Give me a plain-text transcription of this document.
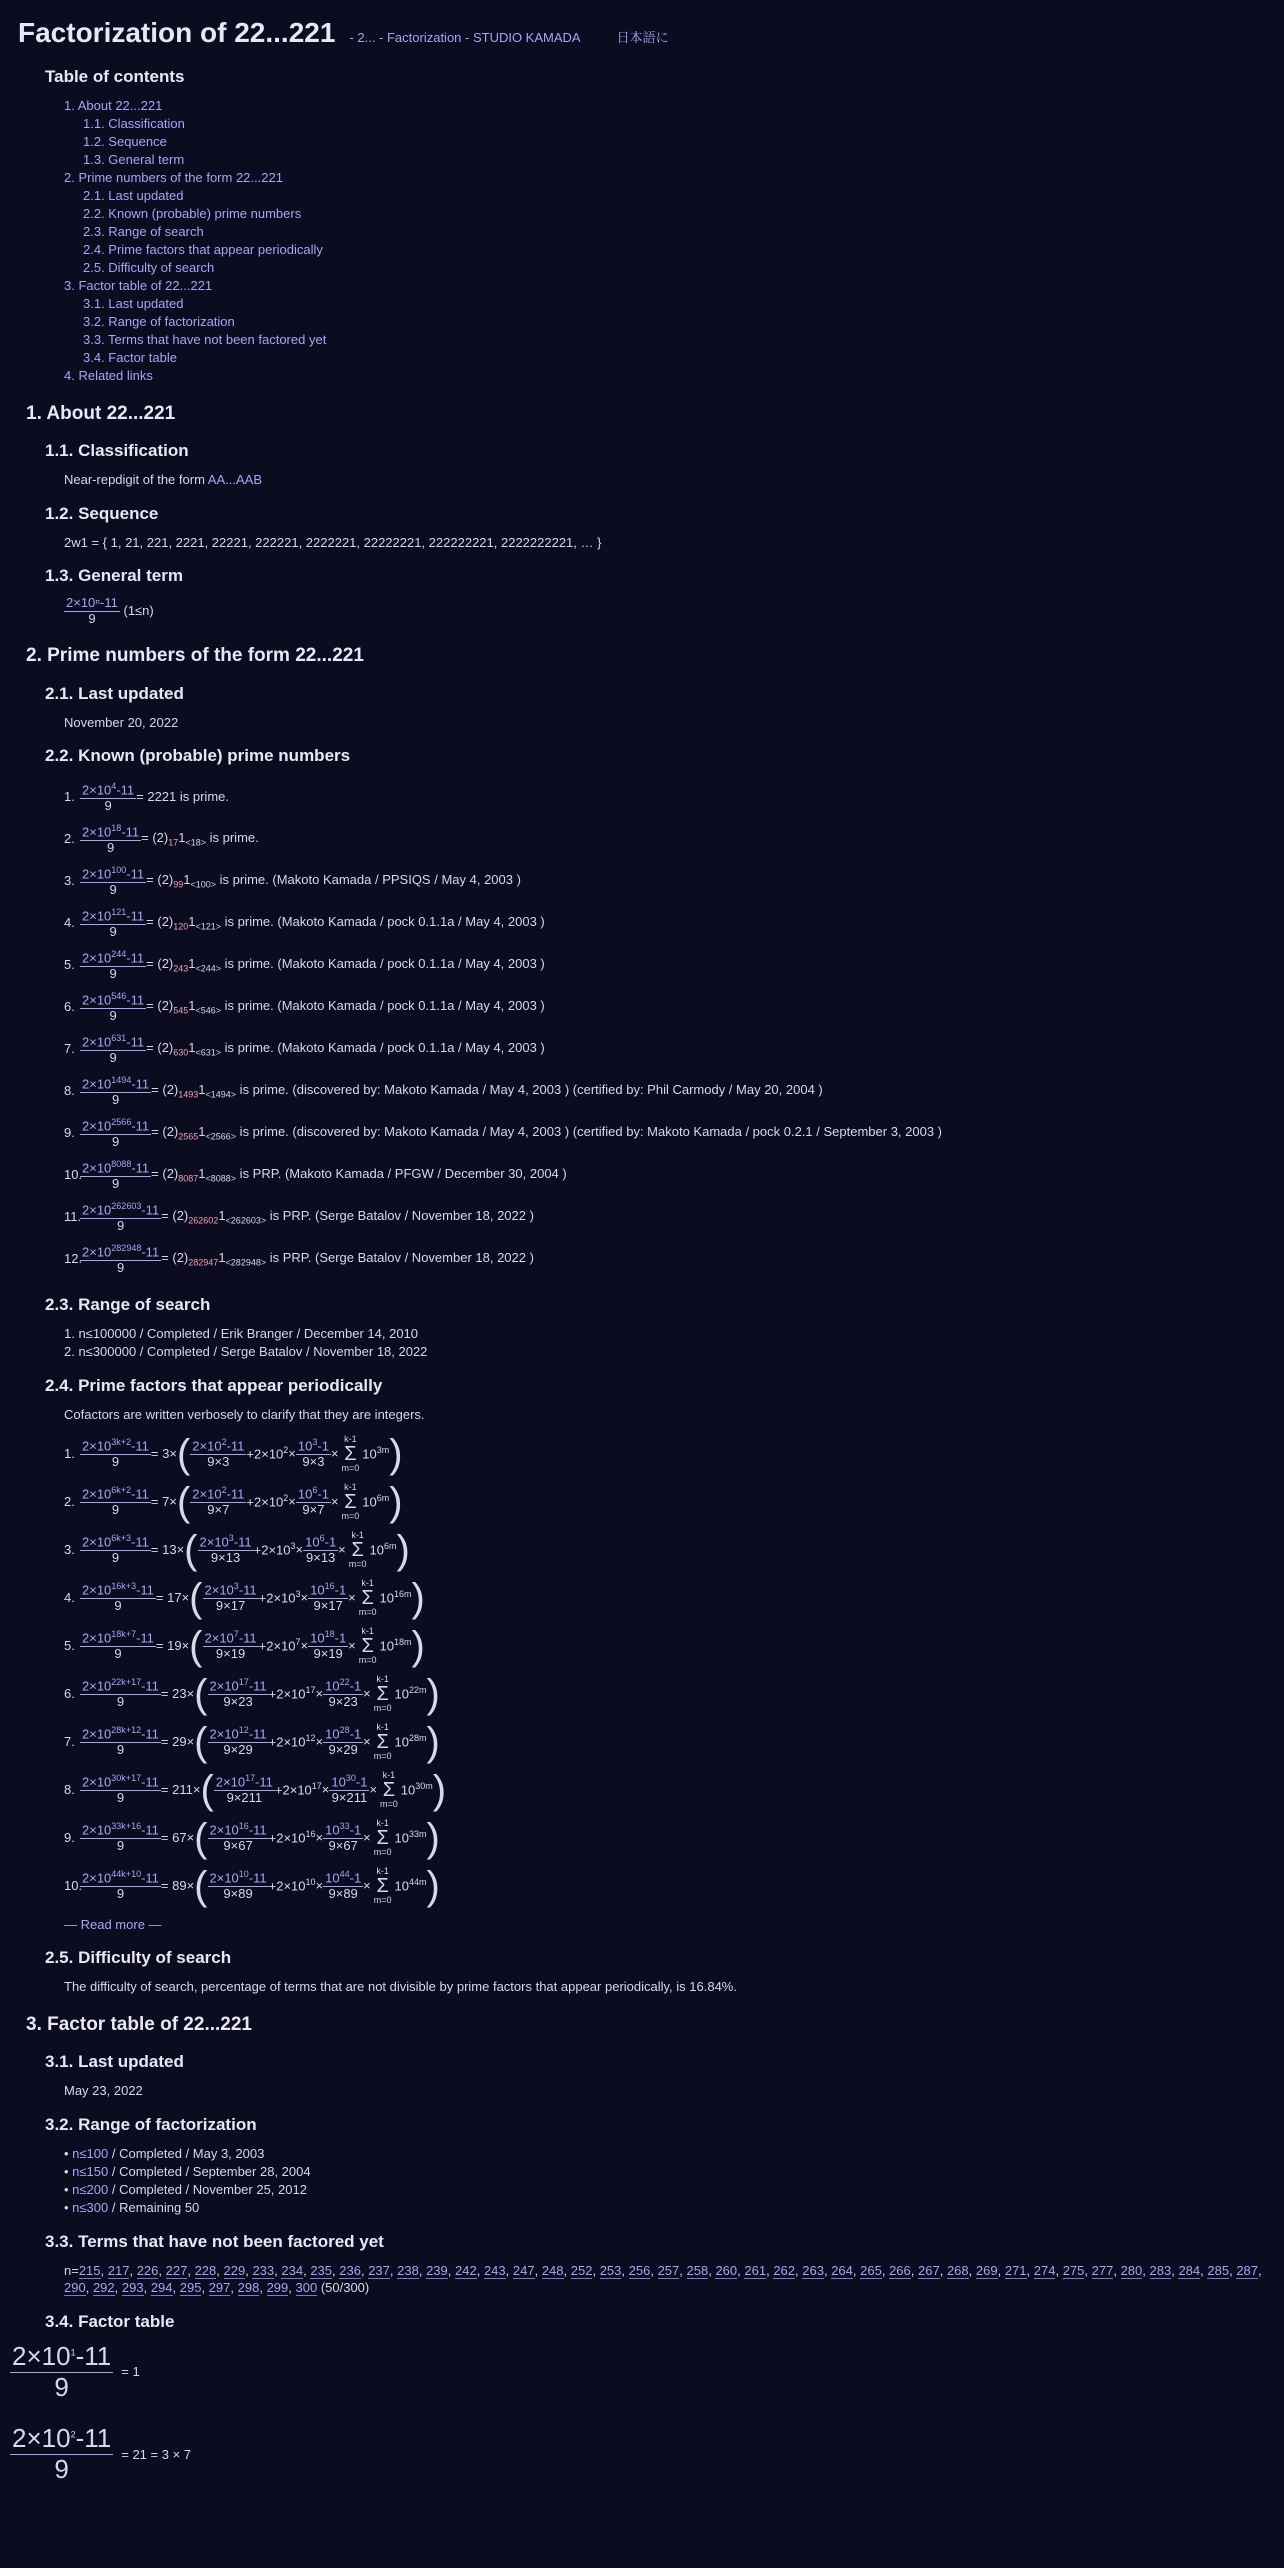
Factorization of 22...221 - 2... - Factorization - STUDIO KAMADA	日本語に
Table of contents
1. About 22...221
1.1. Classification
1.2. Sequence
1.3. General term
2. Prime numbers of the form 22...221
2.1. Last updated
2.2. Known (probable) prime numbers
2.3. Range of search
2.4. Prime factors that appear periodically
2.5. Difficulty of search
3. Factor table of 22...221
3.1. Last updated
3.2. Range of factorization
3.3. Terms that have not been factored yet
3.4. Factor table
4. Related links
1. About 22...221
1.1. Classification
Near-repdigit of the form AA...AAB
1.2. Sequence
2w1 = { 1, 21, 221, 2221, 22221, 222221, 2222221, 22222221, 222222221, 2222222221, … }
1.3. General term
$\frac{\text{2×10ⁿ-11}}{9} (1\le n)$
2. Prime numbers of the form 22...221
2.1. Last updated
November 20, 2022
2.2. Known (probable) prime numbers
1. $\frac{2\times 10^4-11}{9} = 2221$ is prime.
2. $\frac{2\times 10^{18}-11}{9} = (2)_{17}1_{<18>}$ is prime.
3. $\frac{2\times 10^{100}-11}{9} = (2)_{99}1_{<100>}$ is prime. (Makoto Kamada / PPSIQS / May 4, 2003 )
4. $\frac{2\times 10^{121}-11}{9} = (2)_{120}1_{<121>}$ is prime. (Makoto Kamada / pock 0.1.1a / May 4, 2003 )
5. $\frac{2\times 10^{244}-11}{9} = (2)_{243}1_{<244>}$ is prime. (Makoto Kamada / pock 0.1.1a / May 4, 2003 )
6. $\frac{2\times 10^{546}-11}{9} = (2)_{545}1_{<546>}$ is prime. (Makoto Kamada / pock 0.1.1a / May 4, 2003 )
7. $\frac{2\times 10^{631}-11}{9} = (2)_{630}1_{<631>}$ is prime. (Makoto Kamada / pock 0.1.1a / May 4, 2003 )
8. $\frac{2\times 10^{1494}-11}{9} = (2)_{1493}1_{<1494>}$ is prime. (discovered by: Makoto Kamada / May 4, 2003 ) (certified by: Phil Carmody / May 20, 2004 )
9. $\frac{2\times 10^{2566}-11}{9} = (2)_{2565}1_{<2566>}$ is prime. (discovered by: Makoto Kamada / May 4, 2003 ) (certified by: Makoto Kamada / pock 0.2.1 / September 3, 2003 )
10.
$\frac{2\times 10^{8088}-11}{9} = (2)_{8087}1_{<8088>}$ is PRP. (Makoto Kamada / PFGW / December 30, 2004 )
11.
$\frac{2\times 10^{262603}-11}{9} = (2)_{262602}1_{<262603>}$ is PRP. (Serge Batalov / November 18, 2022 )
12.
$\frac{2\times 10^{282948}-11}{9} = (2)_{282947}1_{<282948>}$ is PRP. (Serge Batalov / November 18, 2022 )
2.3. Range of search
1. n≤100000 / Completed / Erik Branger / December 14, 2010
2. n≤300000 / Completed / Serge Batalov / November 18, 2022
2.4. Prime factors that appear periodically
Cofactors are written verbosely to clarify that they are integers.
1. $\frac{2\times 10^{3k+2}-11}{9} = 3\times$ ( $\frac{2\times 10^2-11}{9\times 3} +2\times 10^2 \times \frac{10^3-1}{9\times 3}$ ×
k-1
Σ
m=0
$10^{3m}$ )
2. $\frac{2\times 10^{6k+2}-11}{9} = 7\times$ ( $\frac{2\times 10^2-11}{9\times 7} +2\times 10^2 \times \frac{10^6-1}{9\times 7}$ ×
k-1
Σ
m=0
$10^{6m}$ )
3. $\frac{2\times 10^{6k+3}-11}{9} = 13\times$ ( $\frac{2\times 10^3-11}{9\times 13} +2\times 10^3 \times \frac{10^6-1}{9\times 13}$ ×
k-1
Σ
m=0
$10^{6m}$ )
4. $\frac{2\times 10^{16k+3}-11}{9} = 17\times$ ( $\frac{2\times 10^3-11}{9\times 17} +2\times 10^3 \times \frac{10^{16}-1}{9\times 17}$ ×
k-1
Σ
m=0
$10^{16m}$ )
5. $\frac{2\times 10^{18k+7}-11}{9} = 19\times$ ( $\frac{2\times 10^7-11}{9\times 19} +2\times 10^7 \times \frac{10^{18}-1}{9\times 19}$ ×
k-1
Σ
m=0
$10^{18m}$ )
6. $\frac{2\times 10^{22k+17}-11}{9} = 23\times$ ( $\frac{2\times 10^{17}-11}{9\times 23} +2\times 10^{17} \times \frac{10^{22}-1}{9\times 23}$ ×
k-1
Σ
m=0
$10^{22m}$ )
7. $\frac{2\times 10^{28k+12}-11}{9} = 29\times$ ( $\frac{2\times 10^{12}-11}{9\times 29} +2\times 10^{12} \times \frac{10^{28}-1}{9\times 29}$ ×
k-1
Σ
m=0
$10^{28m}$ )
8. $\frac{2\times 10^{30k+17}-11}{9} = 211\times$ ( $\frac{2\times 10^{17}-11}{9\times 211} +2\times 10^{17} \times \frac{10^{30}-1}{9\times 211}$ ×
k-1
Σ
m=0
$10^{30m}$ )
9. $\frac{2\times 10^{33k+16}-11}{9} = 67\times$ ( $\frac{2\times 10^{16}-11}{9\times 67} +2\times 10^{16} \times \frac{10^{33}-1}{9\times 67}$ ×
k-1
Σ
m=0
$10^{33m}$ )
10.
$\frac{2\times 10^{44k+10}-11}{9} = 89\times$ ( $\frac{2\times 10^{10}-11}{9\times 89} +2\times 10^{10} \times \frac{10^{44}-1}{9\times 89}$ ×
k-1
Σ
m=0
$10^{44m}$ )
— Read more —
2.5. Difficulty of search
The difficulty of search, percentage of terms that are not divisible by prime factors that appear periodically, is 16.84%.
3. Factor table of 22...221
3.1. Last updated
May 23, 2022
3.2. Range of factorization
• n≤100 / Completed / May 3, 2003
• n≤150 / Completed / September 28, 2004
• n≤200 / Completed / November 25, 2012
• n≤300 / Remaining 50
3.3. Terms that have not been factored yet
n=215, 217, 226, 227, 228, 229, 233, 234, 235, 236, 237, 238, 239, 242, 243, 247, 248, 252, 253, 256, 257, 258, 260, 261, 262, 263, 264, 265, 266, 267, 268, 269, 271, 274, 275, 277, 280, 283, 284, 285, 287, 290, 292, 293, 294, 295, 297, 298, 299, 300 (50/300)
3.4. Factor table
$\frac{2\times 10^1-11}{9} = 1$
$\frac{2\times 10^2-11}{9} = 21 = 3 \times 7$
